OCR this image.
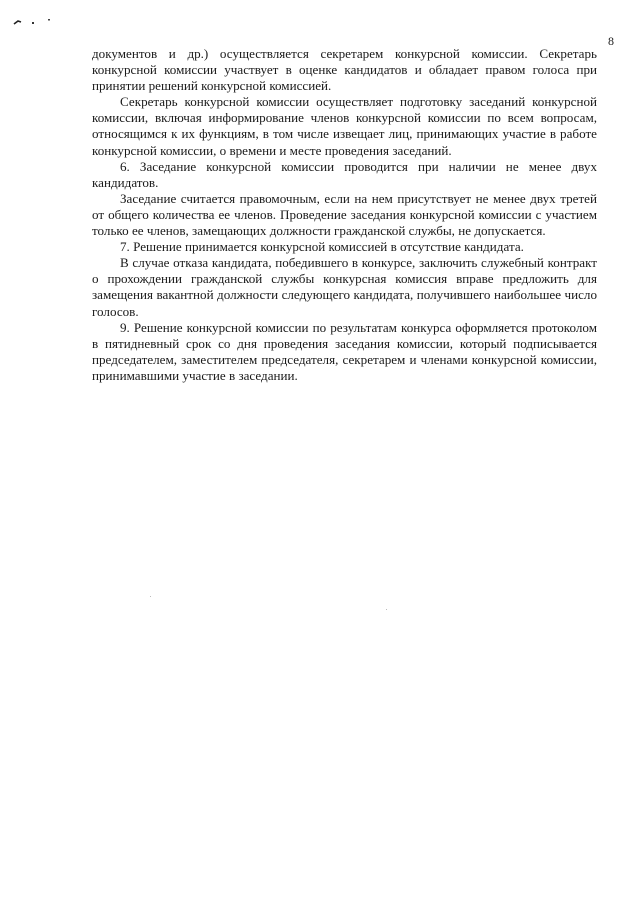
8

документов и др.) осуществляется секретарем конкурсной комиссии. Секретарь конкурсной комиссии участвует в оценке кандидатов и обладает правом голоса при принятии решений конкурсной комиссией.

Секретарь конкурсной комиссии осуществляет подготовку заседаний конкурсной комиссии, включая информирование членов конкурсной комиссии по всем вопросам, относящимся к их функциям, в том числе извещает лиц, принимающих участие в работе конкурсной комиссии, о времени и месте проведения заседаний.

6. Заседание конкурсной комиссии проводится при наличии не менее двух кандидатов.

Заседание считается правомочным, если на нем присутствует не менее двух третей от общего количества ее членов. Проведение заседания конкурсной комиссии с участием только ее членов, замещающих должности гражданской службы, не допускается.

7. Решение принимается конкурсной комиссией в отсутствие кандидата.

В случае отказа кандидата, победившего в конкурсе, заключить служебный контракт о прохождении гражданской службы конкурсная комиссия вправе предложить для замещения вакантной должности следующего кандидата, получившего наибольшее число голосов.

9. Решение конкурсной комиссии по результатам конкурса оформляется протоколом в пятидневный срок со дня проведения заседания комиссии, который подписывается председателем, заместителем председателя, секретарем и членами конкурсной комиссии, принимавшими участие в заседании.
